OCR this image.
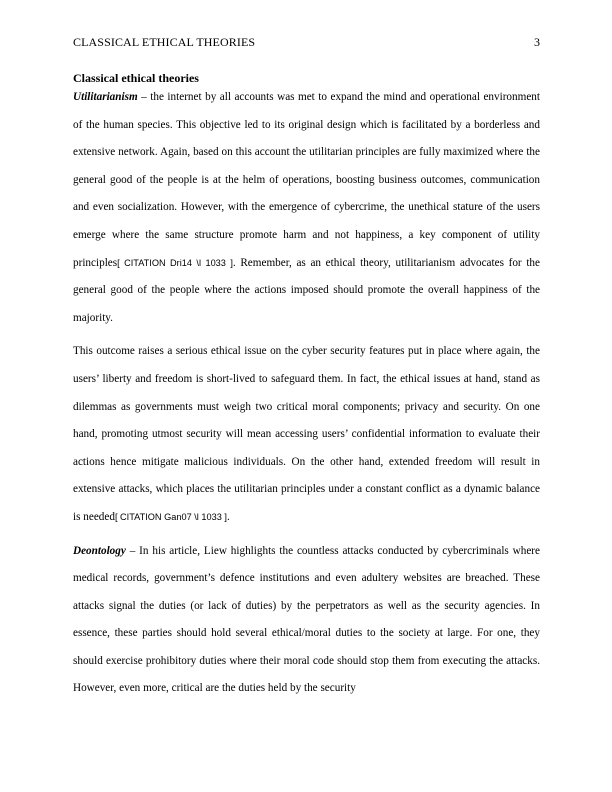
CLASSICAL ETHICAL THEORIES	3
Classical ethical theories

Utilitarianism – the internet by all accounts was met to expand the mind and operational environment of the human species. This objective led to its original design which is facilitated by a borderless and extensive network. Again, based on this account the utilitarian principles are fully maximized where the general good of the people is at the helm of operations, boosting business outcomes, communication and even socialization. However, with the emergence of cybercrime, the unethical stature of the users emerge where the same structure promote harm and not happiness, a key component of utility principles[ CITATION Dri14 \l 1033 ]. Remember, as an ethical theory, utilitarianism advocates for the general good of the people where the actions imposed should promote the overall happiness of the majority.

This outcome raises a serious ethical issue on the cyber security features put in place where again, the users’ liberty and freedom is short-lived to safeguard them. In fact, the ethical issues at hand, stand as dilemmas as governments must weigh two critical moral components; privacy and security. On one hand, promoting utmost security will mean accessing users’ confidential information to evaluate their actions hence mitigate malicious individuals. On the other hand, extended freedom will result in extensive attacks, which places the utilitarian principles under a constant conflict as a dynamic balance is needed[ CITATION Gan07 \l 1033 ].

Deontology – In his article, Liew highlights the countless attacks conducted by cybercriminals where medical records, government’s defence institutions and even adultery websites are breached. These attacks signal the duties (or lack of duties) by the perpetrators as well as the security agencies. In essence, these parties should hold several ethical/moral duties to the society at large. For one, they should exercise prohibitory duties where their moral code should stop them from executing the attacks. However, even more, critical are the duties held by the security
